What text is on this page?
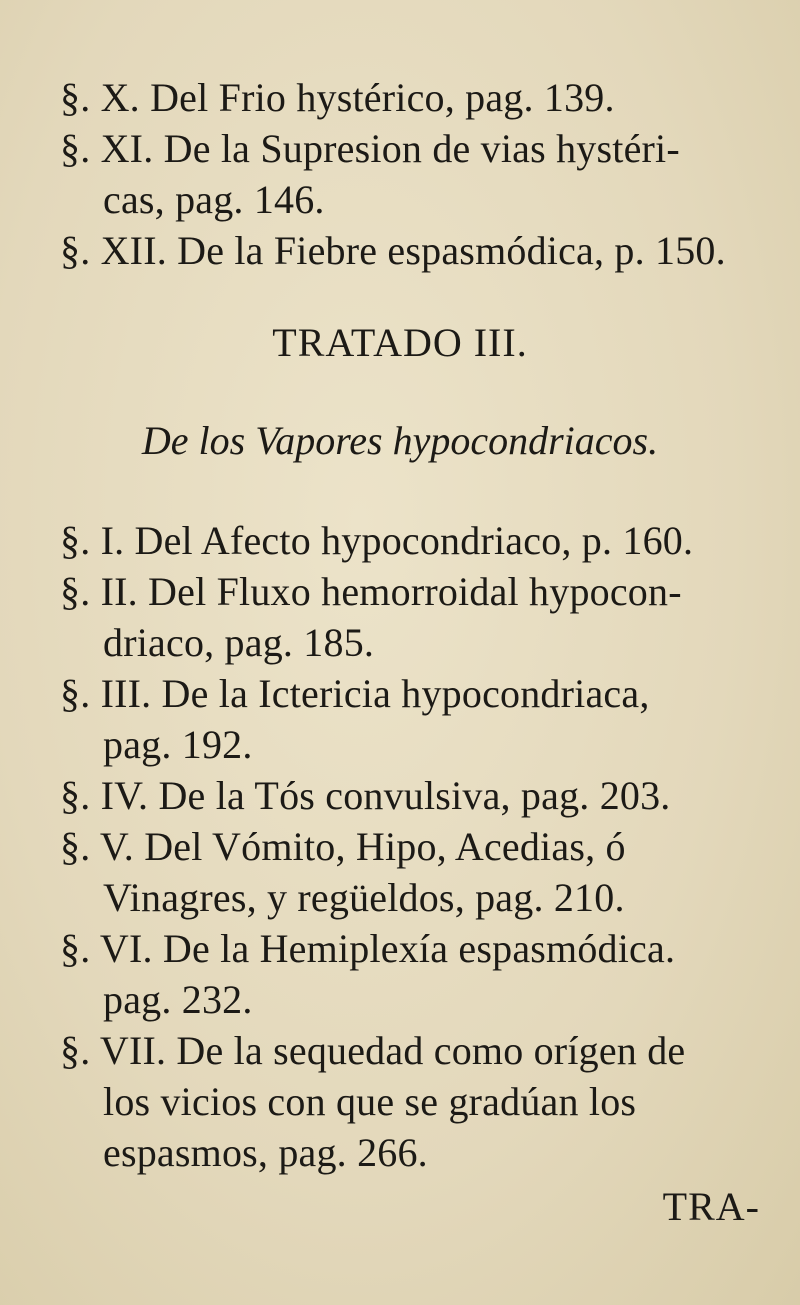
§. X. Del Frio hystérico, pag. 139.
§. XI. De la Supresion de vias hystéri-
cas, pag. 146.
§. XII. De la Fiebre espasmódica, p. 150.
TRATADO III.
De los Vapores hypocondriacos.
§. I. Del Afecto hypocondriaco, p. 160.
§. II. Del Fluxo hemorroidal hypocon-
driaco, pag. 185.
§. III. De la Ictericia hypocondriaca,
pag. 192.
§. IV. De la Tós convulsiva, pag. 203.
§. V. Del Vómito, Hipo, Acedias, ó
Vinagres, y regüeldos, pag. 210.
§. VI. De la Hemiplexía espasmódica.
pag. 232.
§. VII. De la sequedad como orígen de
los vicios con que se gradúan los
espasmos, pag. 266.
TRA-
